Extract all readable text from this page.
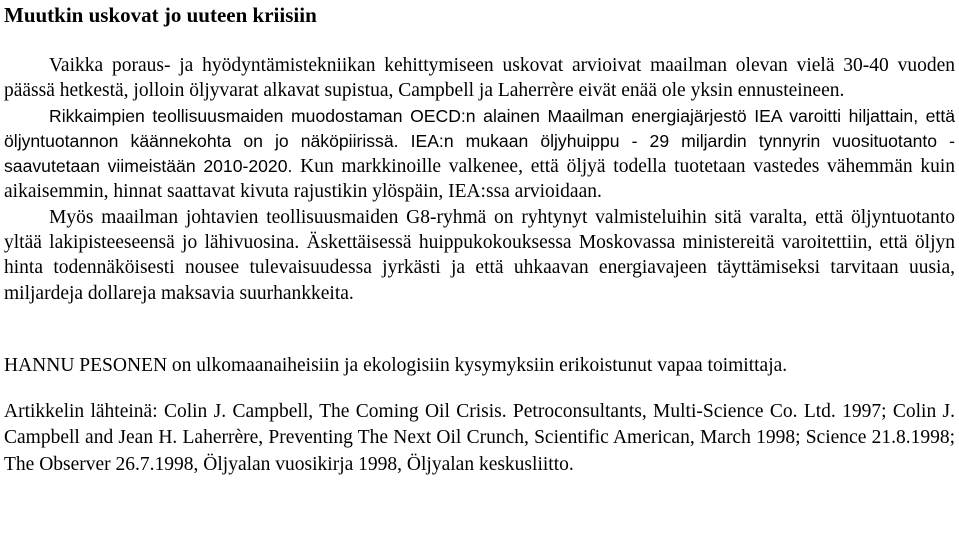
Muutkin uskovat jo uuteen kriisiin

Vaikka poraus- ja hyödyntämistekniikan kehittymiseen uskovat arvioivat maailman olevan vielä 30-40 vuoden päässä hetkestä, jolloin öljyvarat alkavat supistua, Campbell ja Laherrère eivät enää ole yksin ennusteineen.

Rikkaimpien teollisuusmaiden muodostaman OECD:n alainen Maailman energiajärjestö IEA varoitti hiljattain, että öljyntuotannon käännekohta on jo näköpiirissä. IEA:n mukaan öljyhuippu - 29 miljardin tynnyrin vuosituotanto - saavutetaan viimeistään 2010-2020. Kun markkinoille valkenee, että öljyä todella tuotetaan vastedes vähemmän kuin aikaisemmin, hinnat saattavat kivuta rajustikin ylöspäin, IEA:ssa arvioidaan.

Myös maailman johtavien teollisuusmaiden G8-ryhmä on ryhtynyt valmisteluihin sitä varalta, että öljyntuotanto yltää lakipisteeseensä jo lähivuosina. Äskettäisessä huippukokouksessa Moskovassa ministereitä varoitettiin, että öljyn hinta todennäköisesti nousee tulevaisuudessa jyrkästi ja että uhkaavan energiavajeen täyttämiseksi tarvitaan uusia, miljardeja dollareja maksavia suurhankkeita.

HANNU PESONEN on ulkomaanaiheisiin ja ekologisiin kysymyksiin erikoistunut vapaa toimittaja.

Artikkelin lähteinä: Colin J. Campbell, The Coming Oil Crisis. Petroconsultants, Multi-Science Co. Ltd. 1997; Colin J. Campbell and Jean H. Laherrère, Preventing The Next Oil Crunch, Scientific American, March 1998; Science 21.8.1998; The Observer 26.7.1998, Öljyalan vuosikirja 1998, Öljyalan keskusliitto.
